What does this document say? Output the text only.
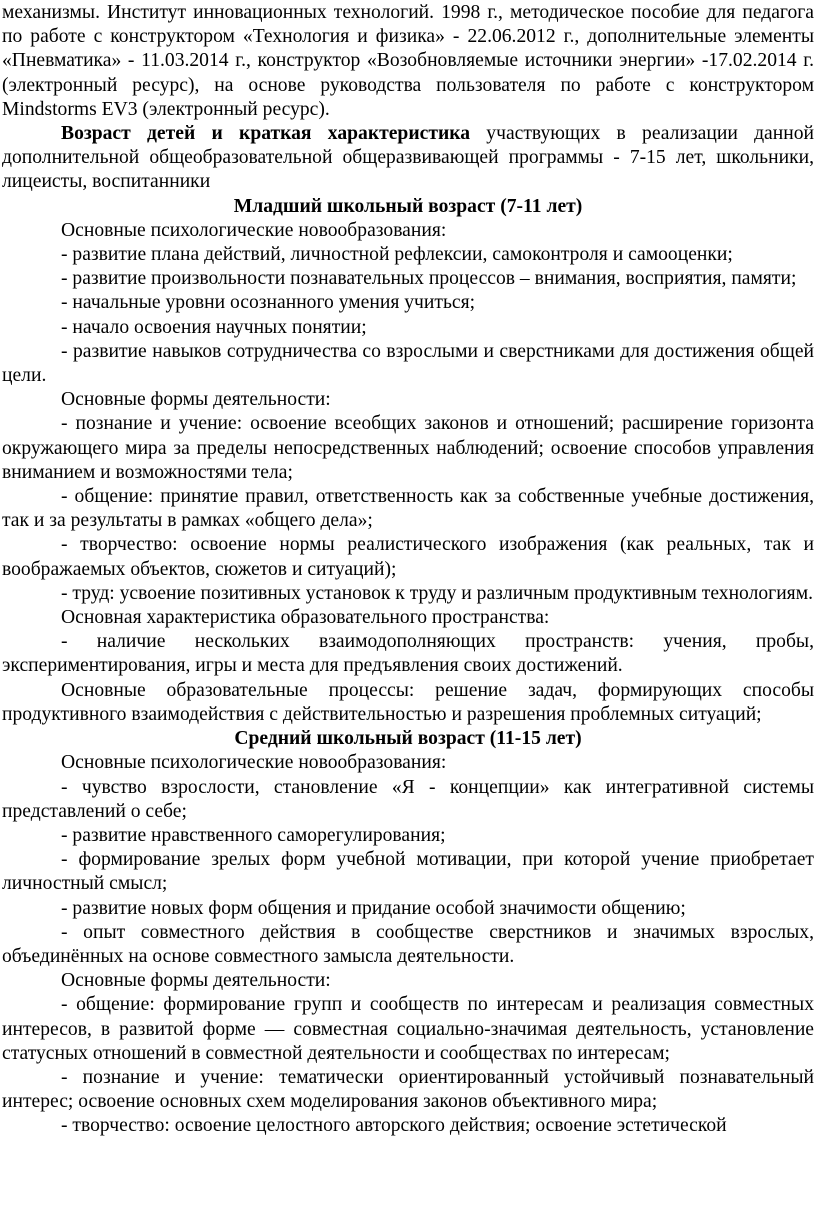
механизмы. Институт инновационных технологий. 1998 г., методическое пособие для педагога по работе с конструктором «Технология и физика» - 22.06.2012 г., дополнительные элементы «Пневматика» - 11.03.2014 г., конструктор «Возобновляемые источники энергии» -17.02.2014 г. (электронный ресурс), на основе руководства пользователя по работе с конструктором Mindstorms EV3 (электронный ресурс).

Возраст детей и краткая характеристика участвующих в реализации данной дополнительной общеобразовательной общеразвивающей программы - 7-15 лет, школьники, лицеисты, воспитанники

Младший школьный возраст (7-11 лет)

Основные психологические новообразования:

- развитие плана действий, личностной рефлексии, самоконтроля и самооценки;

- развитие произвольности познавательных процессов – внимания, восприятия, памяти;

- начальные уровни осознанного умения учиться;

- начало освоения научных понятии;

- развитие навыков сотрудничества со взрослыми и сверстниками для достижения общей цели.

Основные формы деятельности:

- познание и учение: освоение всеобщих законов и отношений; расширение горизонта окружающего мира за пределы непосредственных наблюдений; освоение способов управления вниманием и возможностями тела;

- общение: принятие правил, ответственность как за собственные учебные достижения, так и за результаты в рамках «общего дела»;

- творчество: освоение нормы реалистического изображения (как реальных, так и воображаемых объектов, сюжетов и ситуаций);

- труд: усвоение позитивных установок к труду и различным продуктивным технологиям.

Основная характеристика образовательного пространства:

- наличие нескольких взаимодополняющих пространств: учения, пробы, экспериментирования, игры и места для предъявления своих достижений.

Основные образовательные процессы: решение задач, формирующих способы продуктивного взаимодействия с действительностью и разрешения проблемных ситуаций;

Средний школьный возраст (11-15 лет)

Основные психологические новообразования:

- чувство взрослости, становление «Я - концепции» как интегративной системы представлений о себе;

- развитие нравственного саморегулирования;

- формирование зрелых форм учебной мотивации, при которой учение приобретает личностный смысл;

- развитие новых форм общения и придание особой значимости общению;

- опыт совместного действия в сообществе сверстников и значимых взрослых, объединённых на основе совместного замысла деятельности.

Основные формы деятельности:

- общение: формирование групп и сообществ по интересам и реализация совместных интересов, в развитой форме — совместная социально-значимая деятельность, установление статусных отношений в совместной деятельности и сообществах по интересам;

- познание и учение: тематически ориентированный устойчивый познавательный интерес; освоение основных схем моделирования законов объективного мира;

- творчество: освоение целостного авторского действия; освоение эстетической
